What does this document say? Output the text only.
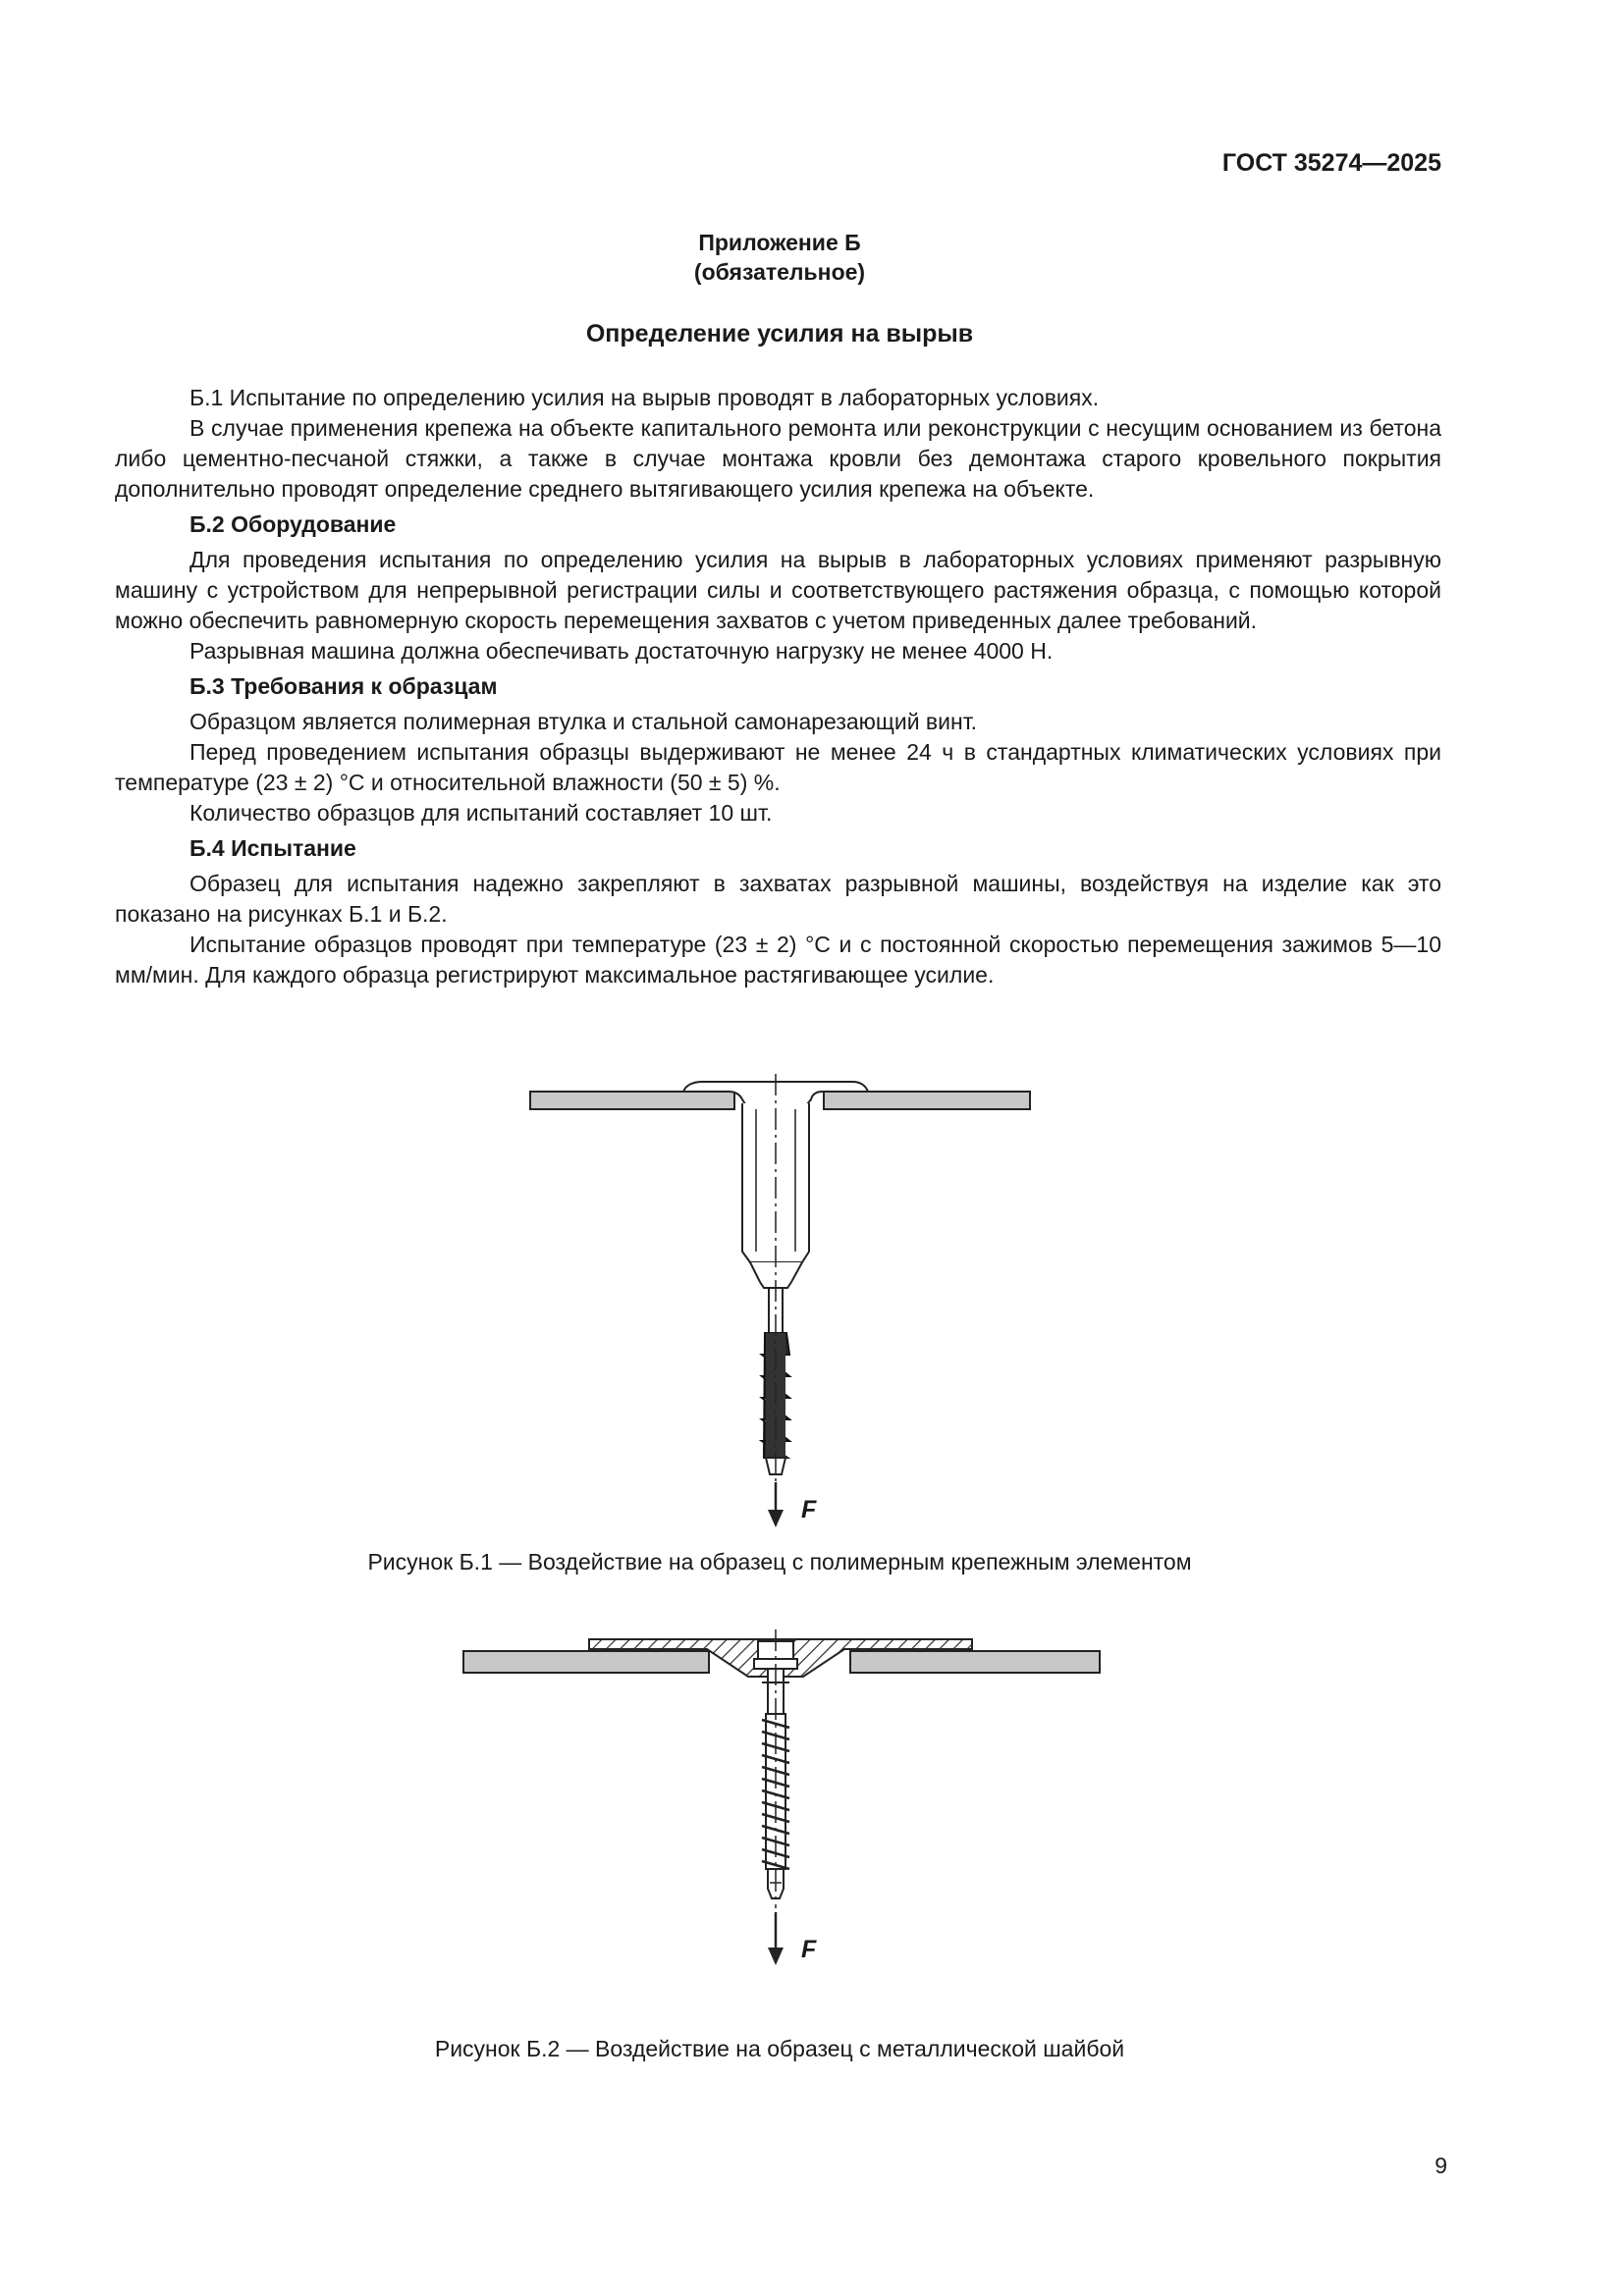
ГОСТ 35274—2025
Приложение Б
(обязательное)
Определение усилия на вырыв

Б.1 Испытание по определению усилия на вырыв проводят в лабораторных условиях.

В случае применения крепежа на объекте капитального ремонта или реконструкции с несущим основанием из бетона либо цементно-песчаной стяжки, а также в случае монтажа кровли без демонтажа старого кровельного покрытия дополнительно проводят определение среднего вытягивающего усилия крепежа на объекте.

Б.2 Оборудование

Для проведения испытания по определению усилия на вырыв в лабораторных условиях применяют разрывную машину с устройством для непрерывной регистрации силы и соответствующего растяжения образца, с помощью которой можно обеспечить равномерную скорость перемещения захватов с учетом приведенных далее требований.

Разрывная машина должна обеспечивать достаточную нагрузку не менее 4000 Н.

Б.3 Требования к образцам

Образцом является полимерная втулка и стальной самонарезающий винт.

Перед проведением испытания образцы выдерживают не менее 24 ч в стандартных климатических условиях при температуре (23 ± 2) °С и относительной влажности (50 ± 5) %.

Количество образцов для испытаний составляет 10 шт.

Б.4 Испытание

Образец для испытания надежно закрепляют в захватах разрывной машины, воздействуя на изделие как это показано на рисунках Б.1 и Б.2.

Испытание образцов проводят при температуре (23 ± 2) °С и с постоянной скоростью перемещения зажимов 5—10 мм/мин. Для каждого образца регистрируют максимальное растягивающее усилие.

F
Рисунок Б.1 — Воздействие на образец с полимерным крепежным элементом
F
Рисунок Б.2 — Воздействие на образец с металлической шайбой
9
